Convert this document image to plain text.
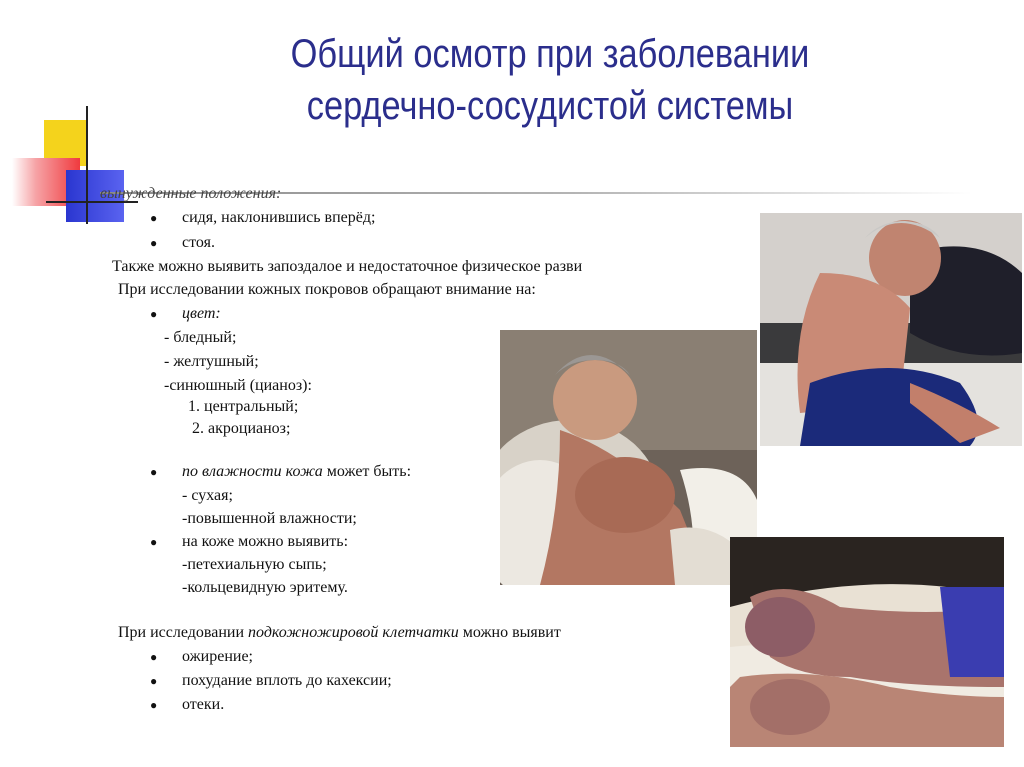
Общий осмотр при заболевании
сердечно-сосудистой системы
вынужденные положения:
● сидя, наклонившись вперёд;
● стоя.
Также можно выявить запоздалое и недостаточное физическое разви
При исследовании кожных покровов обращают внимание на:
● цвет:
- бледный;
- желтушный;
-синюшный (цианоз):
1. центральный;
2. акроцианоз;
● по влажности кожа может быть:
- сухая;
-повышенной влажности;
● на коже можно выявить:
-петехиальную сыпь;
-кольцевидную эритему.
При исследовании подкожножировой клетчатки можно выявит
● ожирение;
● похудание вплоть до кахексии;
● отеки.
